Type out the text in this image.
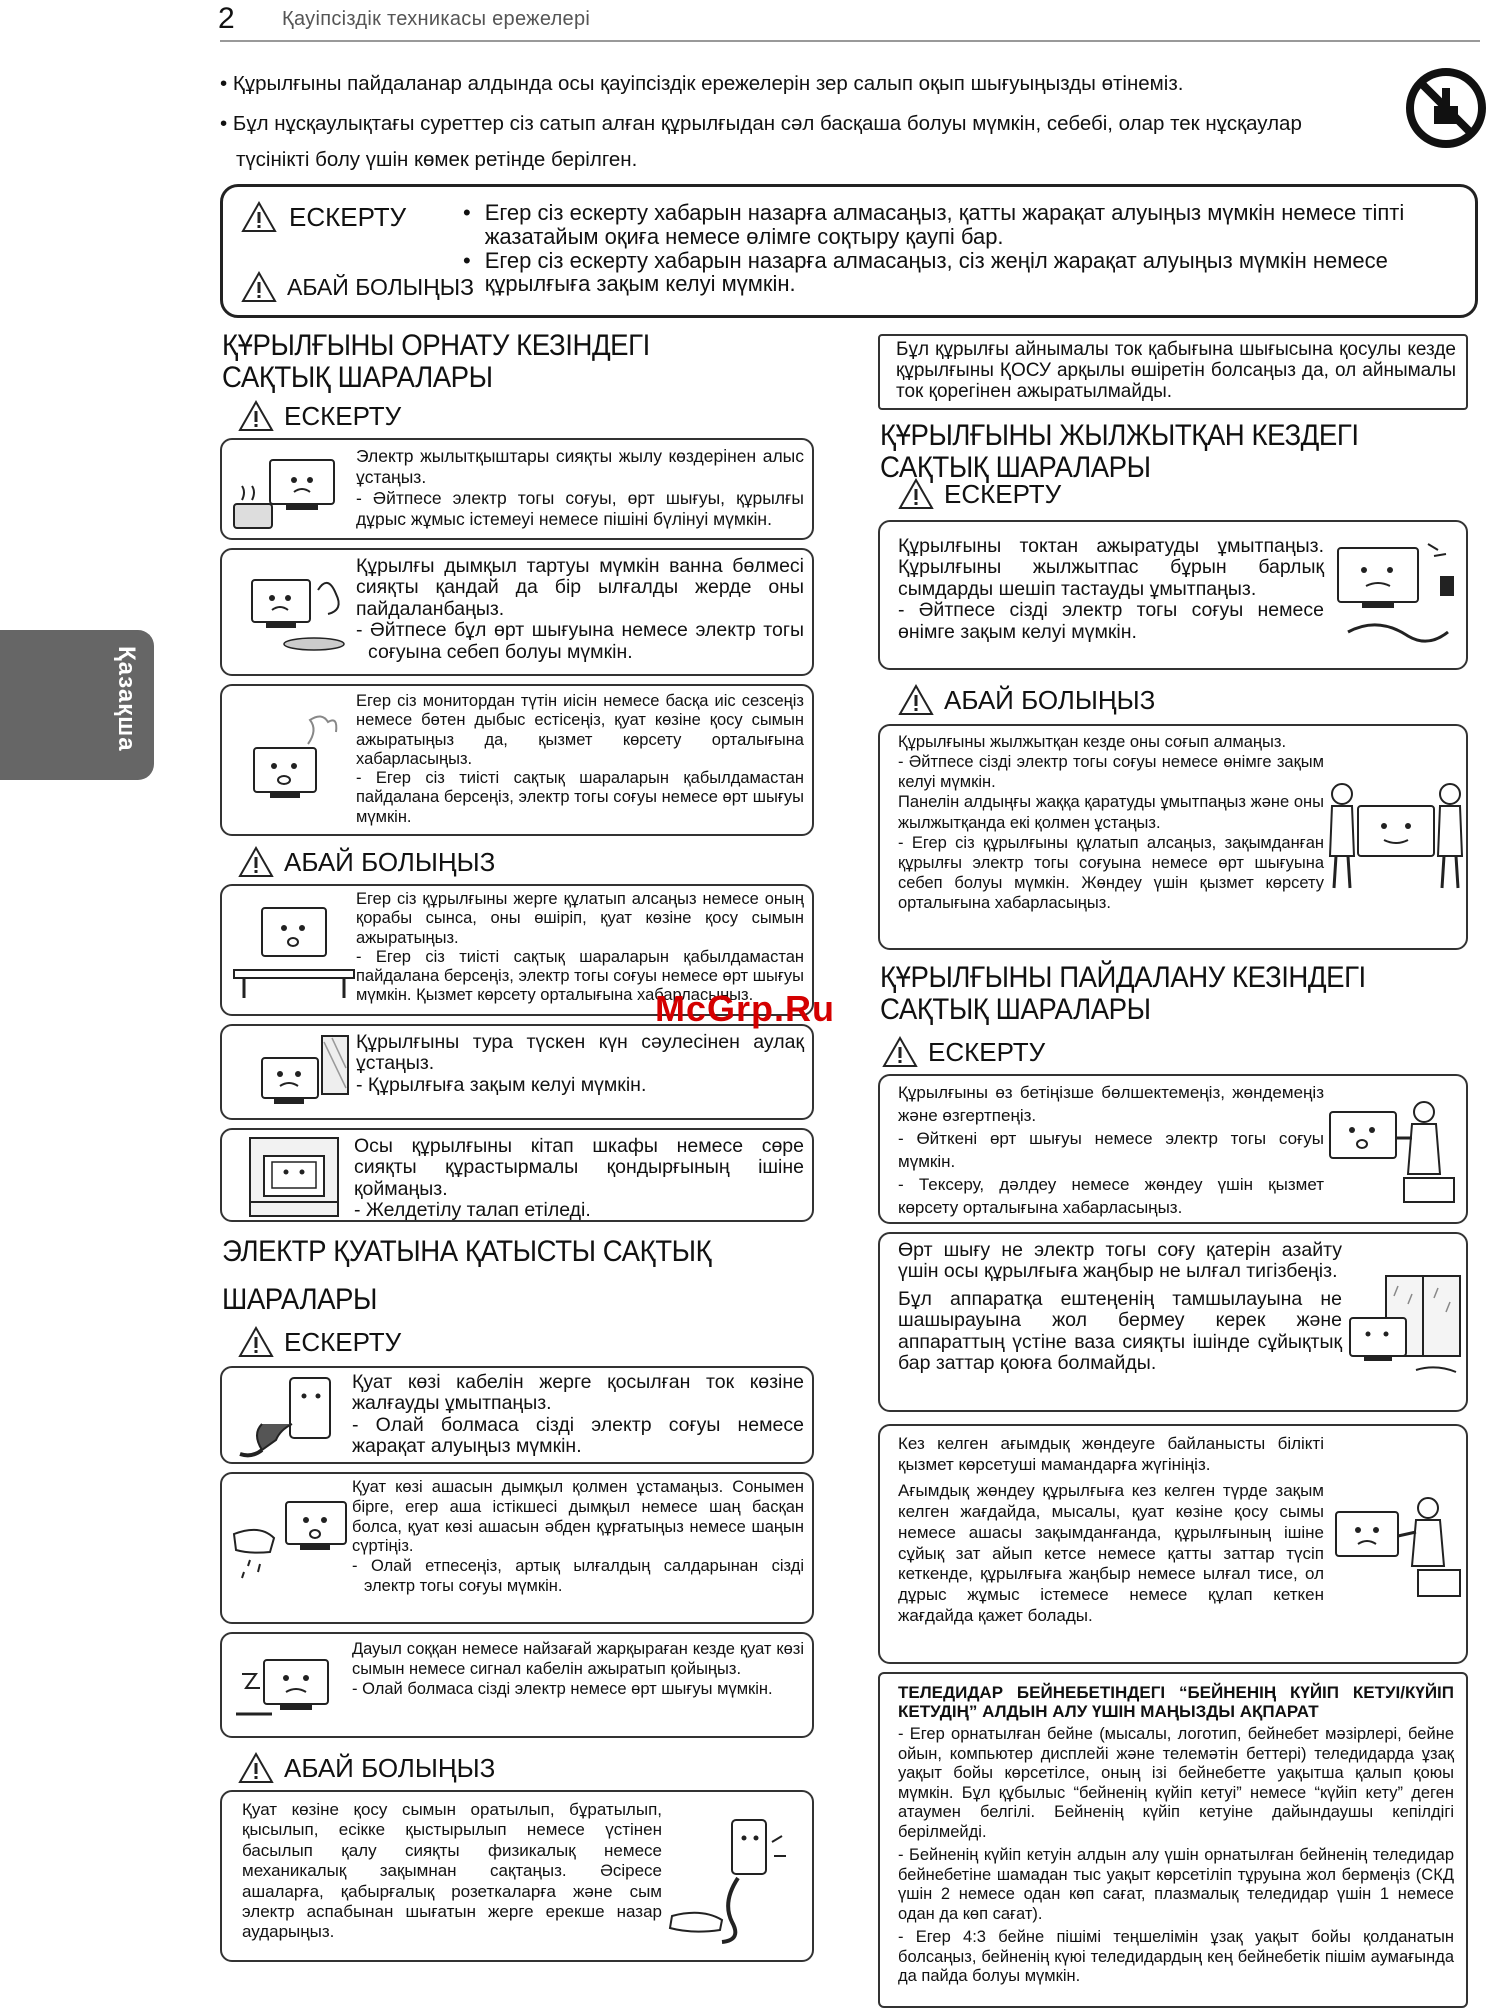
2 Қауіпсіздік техникасы ережелері
• Құрылғыны пайдаланар алдында осы қауіпсіздік ережелерін зер салып оқып шығуыңызды өтінеміз.
• Бұл нұсқаулықтағы суреттер сіз сатып алған құрылғыдан сәл басқаша болуы мүмкін, себебі, олар тек нұсқаулар
түсінікті болу үшін көмек ретінде берілген.
Қазақша
ЕСКЕРТУ
АБАЙ БОЛЫҢЫЗ
• Егер сіз ескерту хабарын назарға алмасаңыз, қатты жарақат алуыңыз мүмкін немесе тіпті жазатайым оқиға немесе өлімге соқтыру қаупі бар.
• Егер сіз ескерту хабарын назарға алмасаңыз, сіз жеңіл жарақат алуыңыз мүмкін немесе құрылғыға зақым келуі мүмкін.
ҚҰРЫЛҒЫНЫ ОРНАТУ КЕЗІНДЕГІ САҚТЫҚ ШАРАЛАРЫ
ЕСКЕРТУ

Электр жылытқыштары сияқты жылу көздерінен алыс ұстаңыз.

- Әйтпесе электр тогы соғуы, өрт шығуы, құрылғы дұрыс жұмыс істемеуі немесе пішіні бүлінуі мүмкін.

Құрылғы дымқыл тартуы мүмкін ванна бөлмесі сияқты қандай да бір ылғалды жерде оны пайдаланбаңыз.

- Әйтпесе бұл өрт шығуына немесе электр тогы соғуына себеп болуы мүмкін.

Егер сіз монитордан түтін иісін немесе басқа иіс сезсеңіз немесе бөтен дыбыс естісеңіз, қуат көзіне қосу сымын ажыратыңыз да, қызмет көрсету орталығына хабарласыңыз.

- Егер сіз тиісті сақтық шараларын қабылдамастан пайдалана берсеңіз, электр тогы соғуы немесе өрт шығуы мүмкін.

АБАЙ БОЛЫҢЫЗ

Егер сіз құрылғыны жерге құлатып алсаңыз немесе оның қорабы сынса, оны өшіріп, қуат көзіне қосу сымын ажыратыңыз.

- Егер сіз тиісті сақтық шараларын қабылдамастан пайдалана берсеңіз, электр тогы соғуы немесе өрт шығуы мүмкін. Қызмет көрсету орталығына хабарласыңыз.

Құрылғыны тура түскен күн сәулесінен аулақ ұстаңыз.

- Құрылғыға зақым келуі мүмкін.

Осы құрылғыны кітап шкафы немесе сөре сияқты құрастырмалы қондырғының ішіне қоймаңыз.

- Желдетілу талап етіледі.

ЭЛЕКТР ҚУАТЫНА ҚАТЫСТЫ САҚТЫҚ
ШАРАЛАРЫ
ЕСКЕРТУ

Қуат көзі кабелін жерге қосылған ток көзіне жалғауды ұмытпаңыз.

- Олай болмаса сізді электр соғуы немесе жарақат алуыңыз мүмкін.

Қуат көзі ашасын дымқыл қолмен ұстамаңыз. Сонымен бірге, егер аша істікшесі дымқыл немесе шаң басқан болса, қуат көзі ашасын әбден құрғатыңыз немесе шаңын сүртіңіз.

- Олай етпесеңіз, артық ылғалдың салдарынан сізді электр тогы соғуы мүмкін.

Дауыл соққан немесе найзағай жарқыраған кезде қуат көзі сымын немесе сигнал кабелін ажыратып қойыңыз.

- Олай болмаса сізді электр немесе өрт шығуы мүмкін.

АБАЙ БОЛЫҢЫЗ

Қуат көзіне қосу сымын оратылып, бұратылып, қысылып, есікке қыстырылып немесе үстінен басылып қалу сияқты физикалық немесе механикалық зақымнан сақтаңыз. Әсіресе ашаларға, қабырғалық розеткаларға және сым электр аспабынан шығатын жерге ерекше назар аударыңыз.

Бұл құрылғы айнымалы ток қабығына шығысына қосулы кезде құрылғыны ҚОСУ арқылы өшіретін болсаңыз да, ол айнымалы ток қорегінен ажыратылмайды.
ҚҰРЫЛҒЫНЫ ЖЫЛЖЫТҚАН КЕЗДЕГІ САҚТЫҚ ШАРАЛАРЫ
ЕСКЕРТУ

Құрылғыны токтан ажыратуды ұмытпаңыз. Құрылғыны жылжытпас бұрын барлық сымдарды шешіп тастауды ұмытпаңыз.

- Әйтпесе сізді электр тогы соғуы немесе өнімге зақым келуі мүмкін.

АБАЙ БОЛЫҢЫЗ

Құрылғыны жылжытқан кезде оны соғып алмаңыз.

- Әйтпесе сізді электр тогы соғуы немесе өнімге зақым келуі мүмкін.

Панелін алдыңғы жаққа қаратуды ұмытпаңыз және оны жылжытқанда екі қолмен ұстаңыз.

- Егер сіз құрылғыны құлатып алсаңыз, зақымданған құрылғы электр тогы соғуына немесе өрт шығуына себеп болуы мүмкін. Жөндеу үшін қызмет көрсету орталығына хабарласыңыз.

ҚҰРЫЛҒЫНЫ ПАЙДАЛАНУ КЕЗІНДЕГІ САҚТЫҚ ШАРАЛАРЫ
ЕСКЕРТУ

Құрылғыны өз бетіңізше бөлшектемеңіз, жөндемеңіз және өзгертпеңіз.

- Өйткені өрт шығуы немесе электр тогы соғуы мүмкін.

- Тексеру, дәлдеу немесе жөндеу үшін қызмет көрсету орталығына хабарласыңыз.

Өрт шығу не электр тогы соғу қатерін азайту үшін осы құрылғыға жаңбыр не ылғал тигізбеңіз.

Бұл аппаратқа ештеңенің тамшылауына не шашырауына жол бермеу керек және аппараттың үстіне ваза сияқты ішінде сұйықтық бар заттар қоюға болмайды.

Кез келген ағымдық жөндеуге байланысты білікті қызмет көрсетуші мамандарға жүгініңіз.

Ағымдық жөндеу құрылғыға кез келген түрде зақым келген жағдайда, мысалы, қуат көзіне қосу сымы немесе ашасы зақымданғанда, құрылғының ішіне сұйық зат айып кетсе немесе қатты заттар түсіп кеткенде, құрылғыға жаңбыр немесе ылғал тисе, ол дұрыс жұмыс істемесе немесе құлап кеткен жағдайда қажет болады.

ТЕЛЕДИДАР БЕЙНЕБЕТІНДЕГІ “БЕЙНЕНІҢ КҮЙІП КЕТУІ/КҮЙІП КЕТУДІҢ” АЛДЫН АЛУ ҮШІН МАҢЫЗДЫ АҚПАРАТ

- Егер орнатылған бейне (мысалы, логотип, бейнебет мәзірлері, бейне ойын, компьютер дисплейі және телемәтін беттері) теледидарда ұзақ уақыт бойы көрсетілсе, оның ізі бейнебетте уақытша қалып қоюы мүмкін. Бұл құбылыс “бейненің күйіп кетуі” немесе “күйіп кету” деген атаумен белгілі. Бейненің күйіп кетуіне дайындаушы кепілдігі берілмейді.

- Бейненің күйіп кетуін алдын алу үшін орнатылған бейненің теледидар бейнебетіне шамадан тыс уақыт көрсетіліп тұруына жол бермеңіз (СКД үшін 2 немесе одан көп сағат, плазмалық теледидар үшін 1 немесе одан да көп сағат).

- Егер 4:3 бейне пішімі теңшелімін ұзақ уақыт бойы қолданатын болсаңыз, бейненің күюі теледидардың кең бейнебетік пішім аумағында да пайда болуы мүмкін.

McGrp.Ru
